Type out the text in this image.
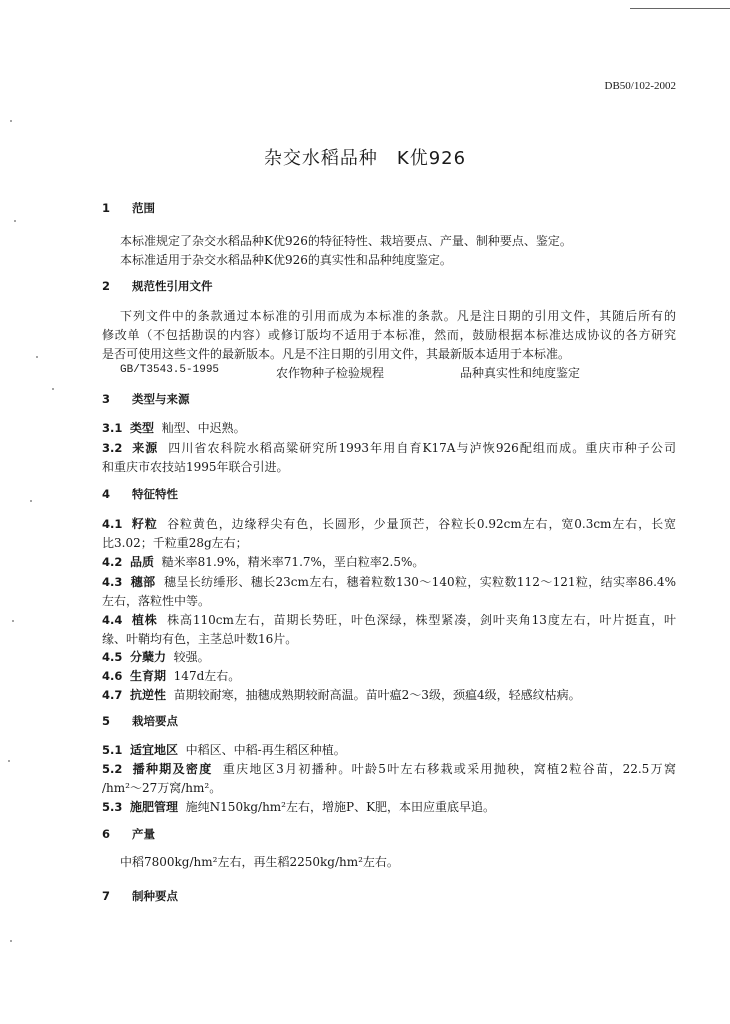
DB50/102-2002
杂交水稻品种　K优926
1 范围
本标准规定了杂交水稻品种K优926的特征特性、栽培要点、产量、制种要点、鉴定。
本标准适用于杂交水稻品种K优926的真实性和品种纯度鉴定。
2 规范性引用文件
下列文件中的条款通过本标准的引用而成为本标准的条款。凡是注日期的引用文件，其随后所有的
修改单（不包括勘误的内容）或修订版均不适用于本标准，然而，鼓励根据本标准达成协议的各方研究
是否可使用这些文件的最新版本。凡是不注日期的引用文件，其最新版本适用于本标准。
GB/T3543.5-1995	农作物种子检验规程	品种真实性和纯度鉴定
3 类型与来源
3.1 类型 籼型、中迟熟。
3.2 来源 四川省农科院水稻高粱研究所1993年用自育K17A与泸恢926配组而成。重庆市种子公司
和重庆市农技站1995年联合引进。
4 特征特性
4.1 籽粒 谷粒黄色，边缘稃尖有色，长圆形，少量顶芒，谷粒长0.92cm左右，宽0.3cm左右，长宽
比3.02；千粒重28g左右；
4.2 品质 糙米率81.9%，精米率71.7%，垩白粒率2.5%。
4.3 穗部 穗呈长纺缍形、穗长23cm左右，穗着粒数130～140粒，实粒数112～121粒，结实率86.4%
左右，落粒性中等。
4.4 植株 株高110cm左右，苗期长势旺，叶色深绿，株型紧凑，剑叶夹角13度左右，叶片挺直，叶
缘、叶鞘均有色，主茎总叶数16片。
4.5 分蘖力 较强。
4.6 生育期 147d左右。
4.7 抗逆性 苗期较耐寒，抽穗成熟期较耐高温。苗叶瘟2～3级，颈瘟4级，轻感纹枯病。
5 栽培要点
5.1 适宜地区 中稻区、中稻-再生稻区种植。
5.2 播种期及密度 重庆地区3月初播种。叶龄5叶左右移栽或采用抛秧，窝植2粒谷苗，22.5万窝
/hm²～27万窝/hm²。
5.3 施肥管理 施纯N150kg/hm²左右，增施P、K肥，本田应重底早追。
6 产量
中稻7800kg/hm²左右，再生稻2250kg/hm²左右。
7 制种要点
